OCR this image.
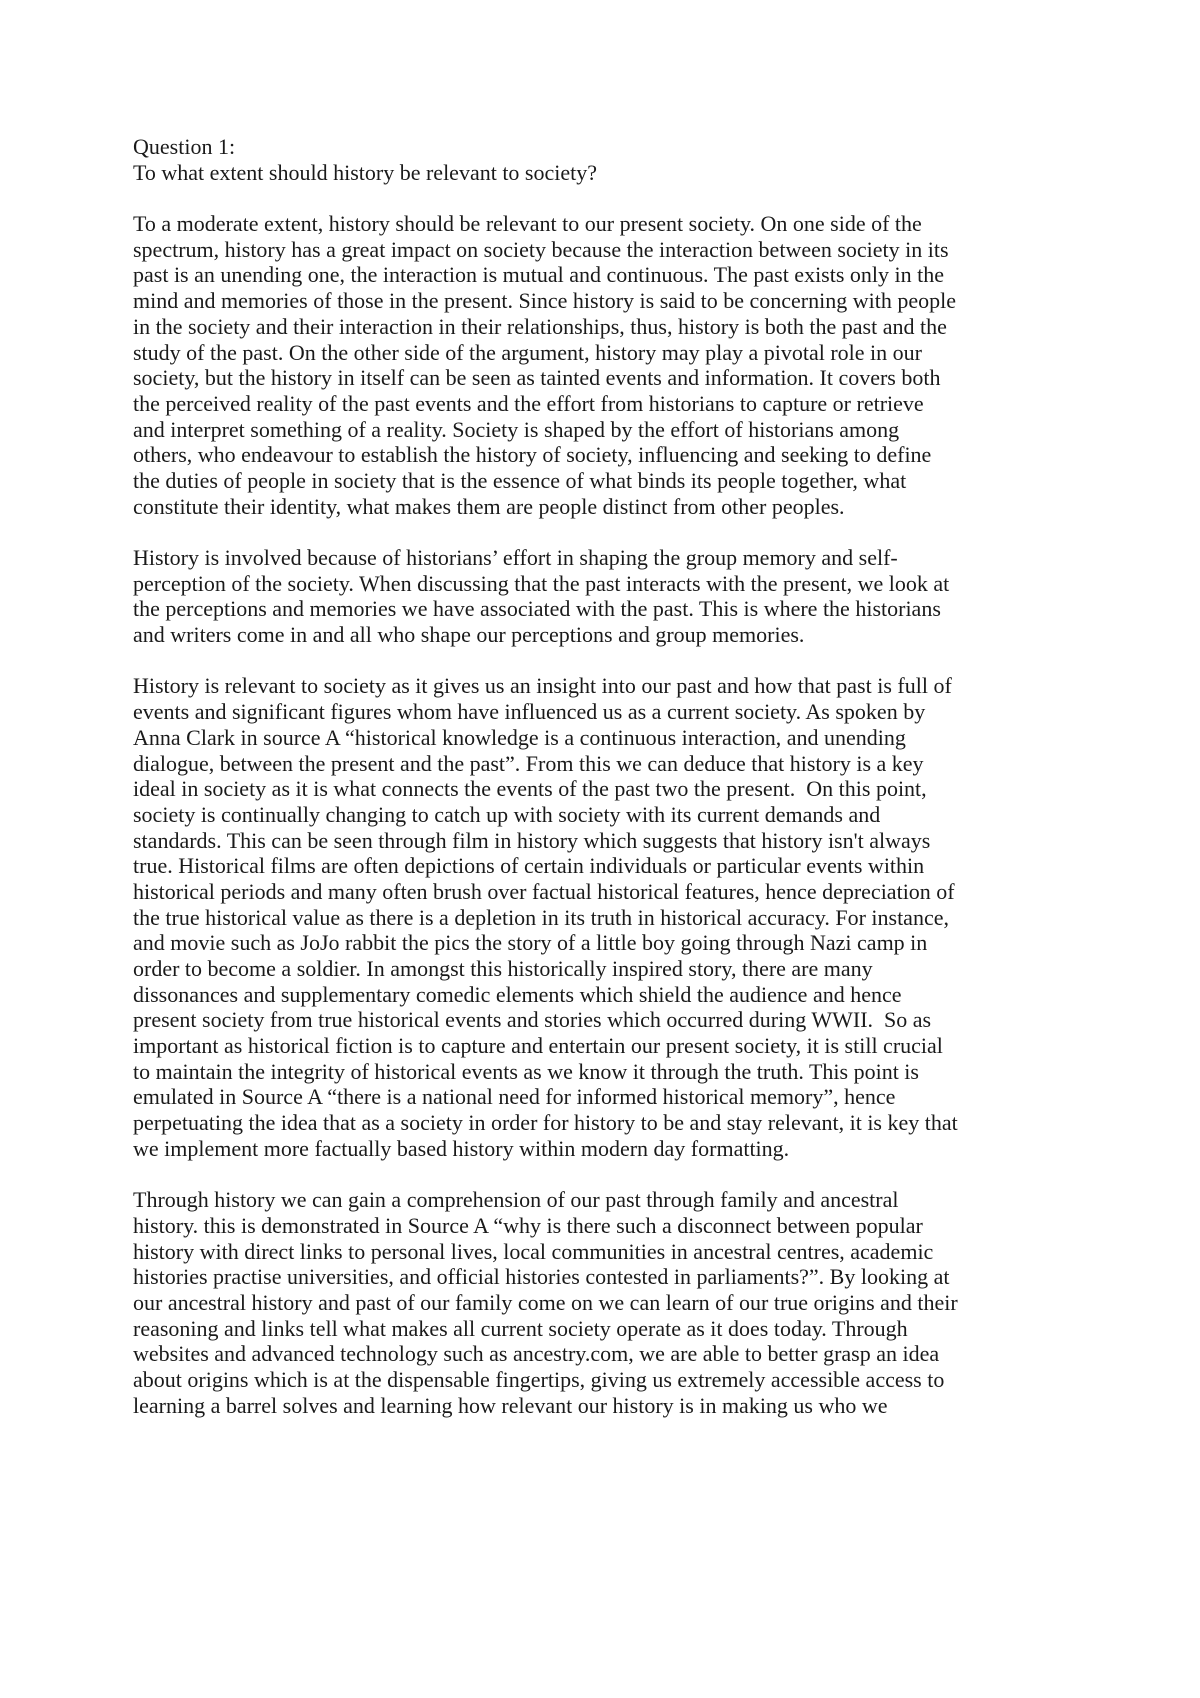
Question 1:
To what extent should history be relevant to society?
To a moderate extent, history should be relevant to our present society. On one side of the
spectrum, history has a great impact on society because the interaction between society in its
past is an unending one, the interaction is mutual and continuous. The past exists only in the
mind and memories of those in the present. Since history is said to be concerning with people
in the society and their interaction in their relationships, thus, history is both the past and the
study of the past. On the other side of the argument, history may play a pivotal role in our
society, but the history in itself can be seen as tainted events and information. It covers both
the perceived reality of the past events and the effort from historians to capture or retrieve
and interpret something of a reality. Society is shaped by the effort of historians among
others, who endeavour to establish the history of society, influencing and seeking to define
the duties of people in society that is the essence of what binds its people together, what
constitute their identity, what makes them are people distinct from other peoples.
History is involved because of historians’ effort in shaping the group memory and self-
perception of the society. When discussing that the past interacts with the present, we look at
the perceptions and memories we have associated with the past. This is where the historians
and writers come in and all who shape our perceptions and group memories.
History is relevant to society as it gives us an insight into our past and how that past is full of
events and significant figures whom have influenced us as a current society. As spoken by
Anna Clark in source A “historical knowledge is a continuous interaction, and unending
dialogue, between the present and the past”. From this we can deduce that history is a key
ideal in society as it is what connects the events of the past two the present.  On this point,
society is continually changing to catch up with society with its current demands and
standards. This can be seen through film in history which suggests that history isn't always
true. Historical films are often depictions of certain individuals or particular events within
historical periods and many often brush over factual historical features, hence depreciation of
the true historical value as there is a depletion in its truth in historical accuracy. For instance,
and movie such as JoJo rabbit the pics the story of a little boy going through Nazi camp in
order to become a soldier. In amongst this historically inspired story, there are many
dissonances and supplementary comedic elements which shield the audience and hence
present society from true historical events and stories which occurred during WWII.  So as
important as historical fiction is to capture and entertain our present society, it is still crucial
to maintain the integrity of historical events as we know it through the truth. This point is
emulated in Source A “there is a national need for informed historical memory”, hence
perpetuating the idea that as a society in order for history to be and stay relevant, it is key that
we implement more factually based history within modern day formatting.
Through history we can gain a comprehension of our past through family and ancestral
history. this is demonstrated in Source A “why is there such a disconnect between popular
history with direct links to personal lives, local communities in ancestral centres, academic
histories practise universities, and official histories contested in parliaments?”. By looking at
our ancestral history and past of our family come on we can learn of our true origins and their
reasoning and links tell what makes all current society operate as it does today. Through
websites and advanced technology such as ancestry.com, we are able to better grasp an idea
about origins which is at the dispensable fingertips, giving us extremely accessible access to
learning a barrel solves and learning how relevant our history is in making us who we
